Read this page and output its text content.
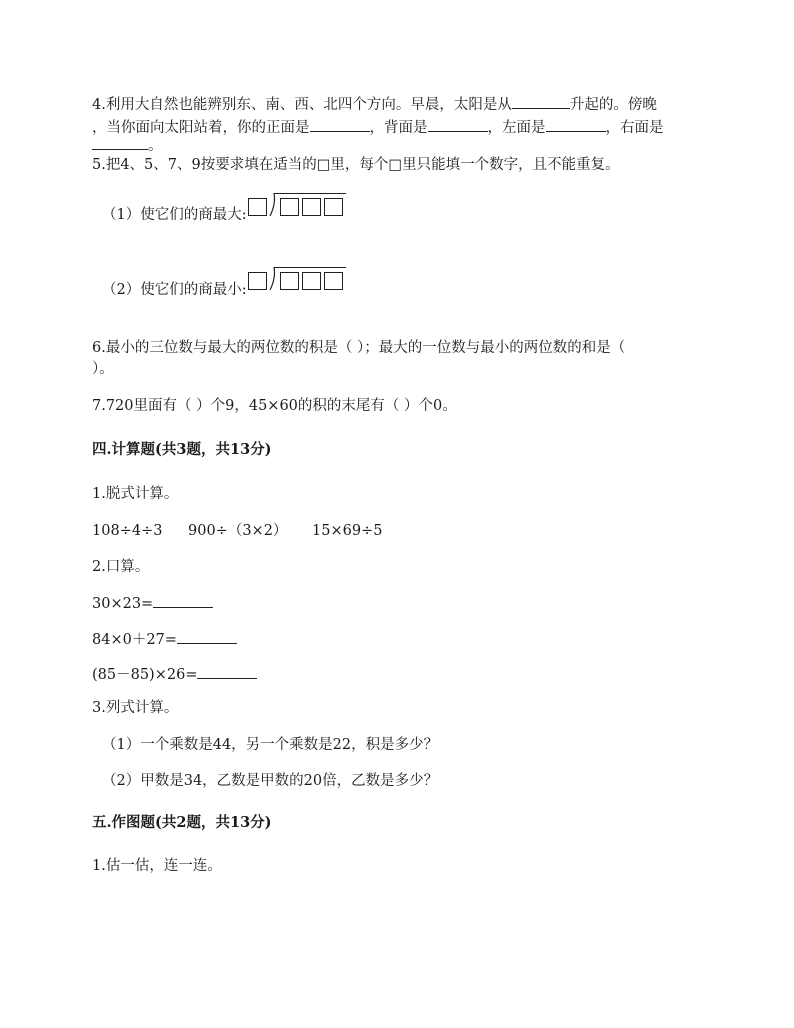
4.利用大自然也能辨别东、南、西、北四个方向。早晨，太阳是从	升起的。傍晚
，当你面向太阳站着，你的正面是	，背面是	，左面是	，右面是
。
5.把4、5、7、9按要求填在适当的□里，每个□里只能填一个数字，且不能重复。
（1）使它们的商最大:
（2）使它们的商最小:
6.最小的三位数与最大的两位数的积是（ ）；最大的一位数与最小的两位数的和是（
）。
7.720里面有（ ）个9，45×60的积的末尾有（ ）个0。
四.计算题(共3题，共13分)
1.脱式计算。
108÷4÷3 900÷（3×2） 15×69÷5
2.口算。
30×23=
84×0＋27=
(85－85)×26=
3.列式计算。
（1）一个乘数是44，另一个乘数是22，积是多少？
（2）甲数是34，乙数是甲数的20倍，乙数是多少？
五.作图题(共2题，共13分)
1.估一估，连一连。
